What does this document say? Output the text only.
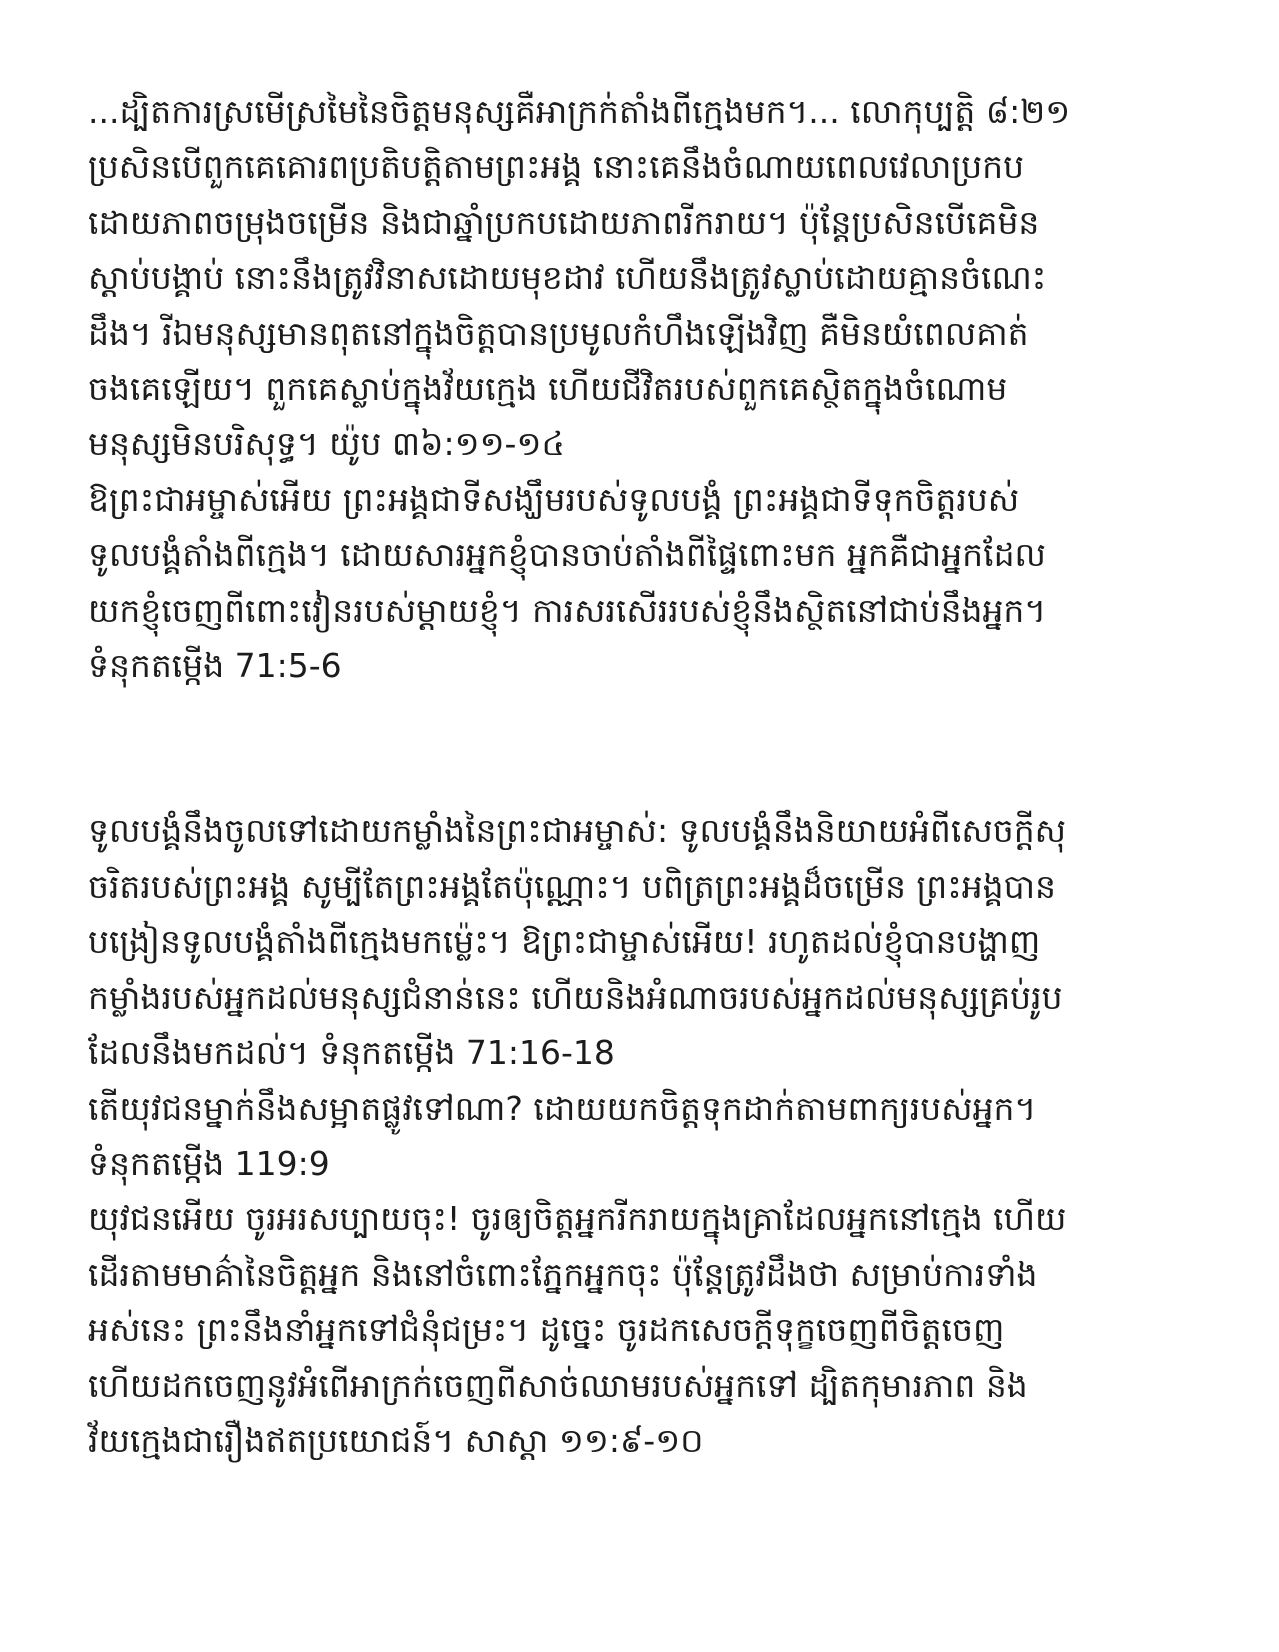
...ដ្បិតការស្រមើស្រមៃនៃចិត្តមនុស្សគឺអាក្រក់តាំងពីក្មេងមក។... លោកុប្បត្តិ ៨:២១
ប្រសិនបើពួកគេគោរពប្រតិបត្តិតាមព្រះអង្គ នោះគេនឹងចំណាយពេលវេលាប្រកប
ដោយភាពចម្រុងចម្រើន និងជាឆ្នាំប្រកបដោយភាពរីករាយ។ ប៉ុន្តែប្រសិនបើគេមិន
ស្ដាប់បង្គាប់ នោះនឹងត្រូវវិនាសដោយមុខដាវ ហើយនឹងត្រូវស្លាប់ដោយគ្មានចំណេះ
ដឹង។ រីឯមនុស្សមានពុតនៅក្នុងចិត្តបានប្រមូលកំហឹងឡើងវិញ គឺមិនយំពេលគាត់
ចងគេឡើយ។ ពួកគេស្លាប់ក្នុងវ័យក្មេង ហើយជីវិតរបស់ពួកគេស្ថិតក្នុងចំណោម
មនុស្សមិនបរិសុទ្ធ។ យ៉ូប ៣៦:១១-១៤
ឱព្រះជាអម្ចាស់អើយ ព្រះអង្គជាទីសង្ឃឹមរបស់ទូលបង្គំ ព្រះអង្គជាទីទុកចិត្តរបស់
ទូលបង្គំតាំងពីក្មេង។ ដោយសារអ្នកខ្ញុំបានចាប់តាំងពីផ្ទៃពោះមក អ្នកគឺជាអ្នកដែល
យកខ្ញុំចេញពីពោះវៀនរបស់ម្ដាយខ្ញុំ។ ការសរសើររបស់ខ្ញុំនឹងស្ថិតនៅជាប់នឹងអ្នក។
ទំនុកតម្កើង 71:5-6

ទូលបង្គំនឹងចូលទៅដោយកម្លាំងនៃព្រះជាអម្ចាស់: ទូលបង្គំនឹងនិយាយអំពីសេចក្ដីសុ
ចរិតរបស់ព្រះអង្គ សូម្បីតែព្រះអង្គតែប៉ុណ្ណោះ។ បពិត្រព្រះអង្គដ៏ចម្រើន ព្រះអង្គបាន
បង្រៀនទូលបង្គំតាំងពីក្មេងមកម្ល៉េះ។ ឱព្រះជាម្ចាស់អើយ! រហូតដល់ខ្ញុំបានបង្ហាញ
កម្លាំងរបស់អ្នកដល់មនុស្សជំនាន់នេះ ហើយនិងអំណាចរបស់អ្នកដល់មនុស្សគ្រប់រូប
ដែលនឹងមកដល់។ ទំនុកតម្កើង 71:16-18
តើយុវជនម្នាក់នឹងសម្អាតផ្លូវទៅណា? ដោយយកចិត្តទុកដាក់តាមពាក្យរបស់អ្នក។
ទំនុកតម្កើង 119:9
យុវជនអើយ ចូរអរសប្បាយចុះ! ចូរឲ្យចិត្តអ្នករីករាយក្នុងគ្រាដែលអ្នកនៅក្មេង ហើយ
ដើរតាមមាគ៌ានៃចិត្តអ្នក និងនៅចំពោះភ្នែកអ្នកចុះ ប៉ុន្តែត្រូវដឹងថា សម្រាប់ការទាំង
អស់នេះ ព្រះនឹងនាំអ្នកទៅជំនុំជម្រះ។ ដូច្នេះ ចូរដកសេចក្ដីទុក្ខចេញពីចិត្តចេញ
ហើយដកចេញនូវអំពើអាក្រក់ចេញពីសាច់ឈាមរបស់អ្នកទៅ ដ្បិតកុមារភាព និង
វ័យក្មេងជារឿងឥតប្រយោជន៍។ សាស្ដា ១១:៩-១០
